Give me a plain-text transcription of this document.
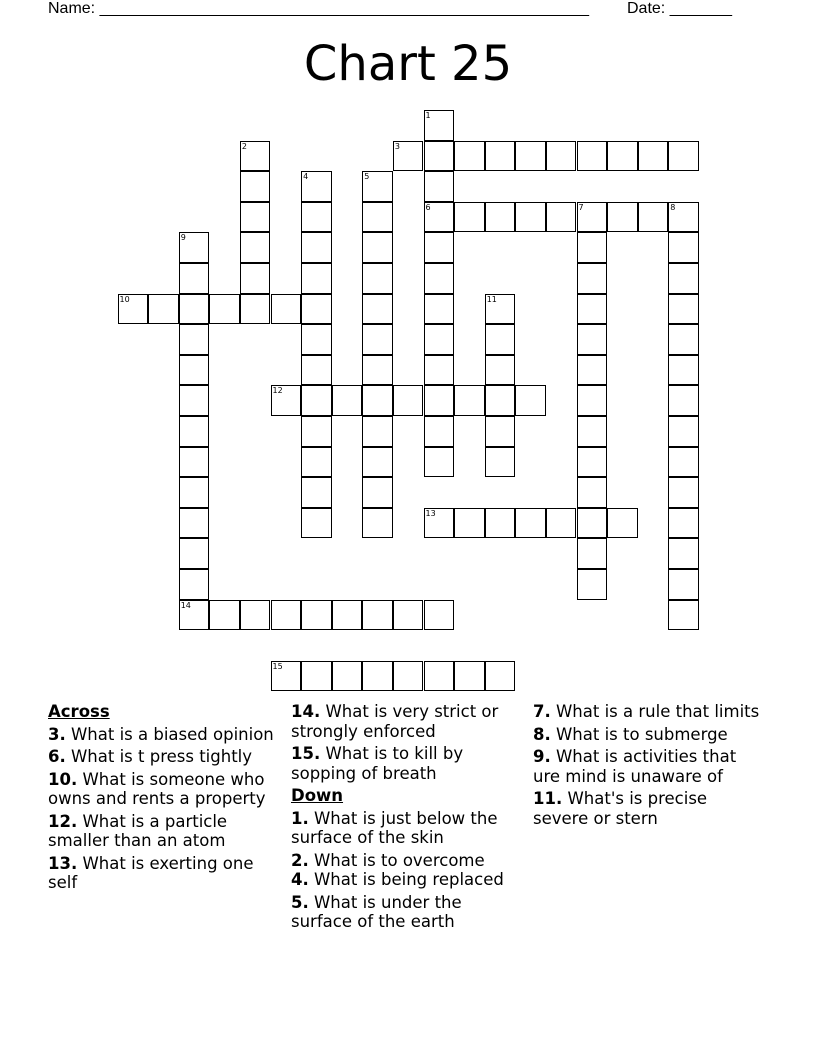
Name: _______________________________________________________ Date: _______
Chart 25
1
6
2	3
4	5
7	8
9
14
10	11
12
13
15
Across
3. What is a biased opinion
6. What is t press tightly
10. What is someone who owns and rents a property
12. What is a particle smaller than an atom
13. What is exerting one self
14. What is very strict or strongly enforced
15. What is to kill by sopping of breath
Down
1. What is just below the surface of the skin
2. What is to overcome
4. What is being replaced
5. What is under the surface of the earth
7. What is a rule that limits
8. What is to submerge
9. What is activities that ure mind is unaware of
11. What's is precise severe or stern
